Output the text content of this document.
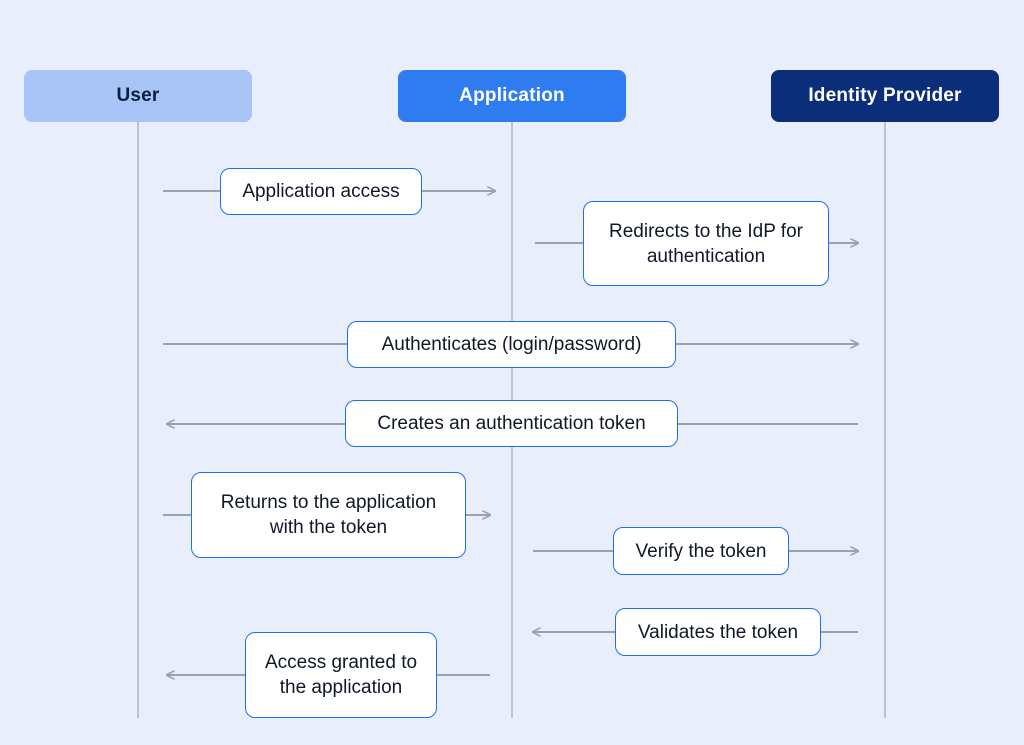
User	Application	Identity Provider
Application access
Redirects to the IdP for authentication
Authenticates (login/password)
Creates an authentication token
Returns to the application with the token
Verify the token
Validates the token
Access granted to the application
